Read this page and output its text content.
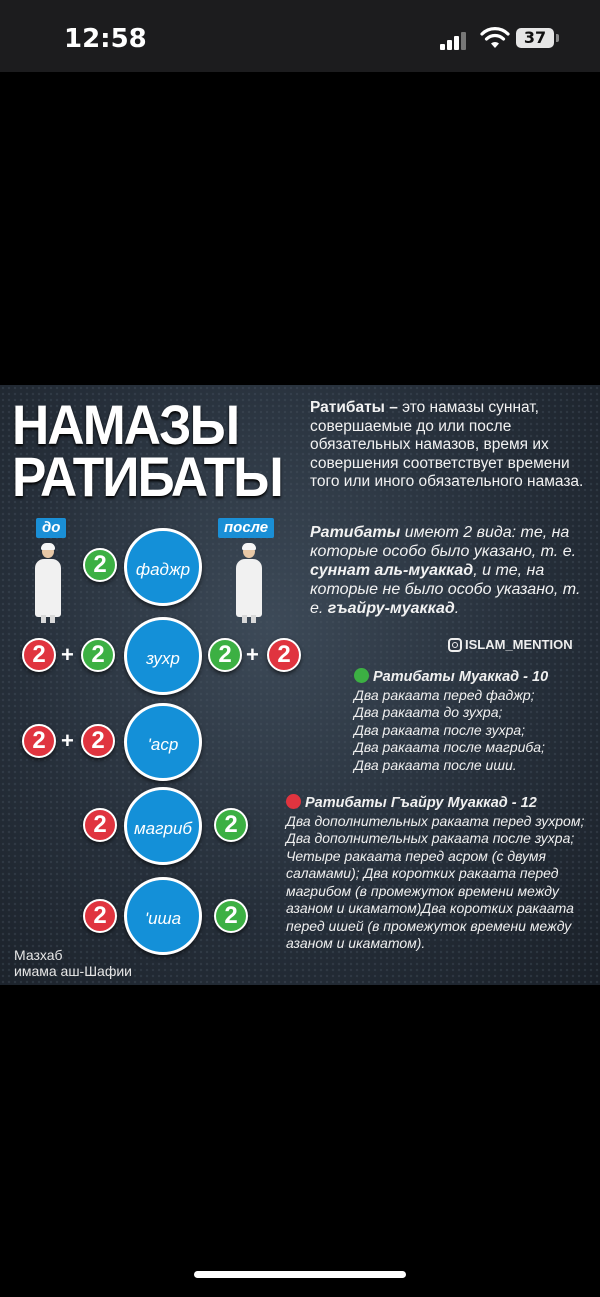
12:58	37
НАМАЗЫ
РАТИБАТЫ
Ратибаты – это намазы суннат, совершаемые до или после обязательных намазов, время их совершения соответствует времени того или иного обязательного намаза.
Ратибаты имеют 2 вида: те, на которые особо было указано, т. е. суннат аль-муаккад, и те, на которые не было особо указано, т. е. гъайру-муаккад.
ISLAM_MENTION
до	после
2	фаджр
2 + 2	зухр	2 + 2
2 + 2	'аср
2	магриб	2
2	'иша	2
Ратибаты Муаккад - 10
Два ракаата перед фаджр;
Два ракаата до зухра;
Два ракаата после зухра;
Два ракаата после магриба;
Два ракаата после иши.
Ратибаты Гъайру Муаккад - 12
Два дополнительных ракаата перед зухром; Два дополнительных ракаата после зухра; Четыре ракаата перед асром (с двумя саламами); Два коротких ракаата перед магрибом (в промежуток времени между азаном и икаматом)Два коротких ракаата перед ишей (в промежуток времени между азаном и икаматом).
Мазхаб
имама аш-Шафии
